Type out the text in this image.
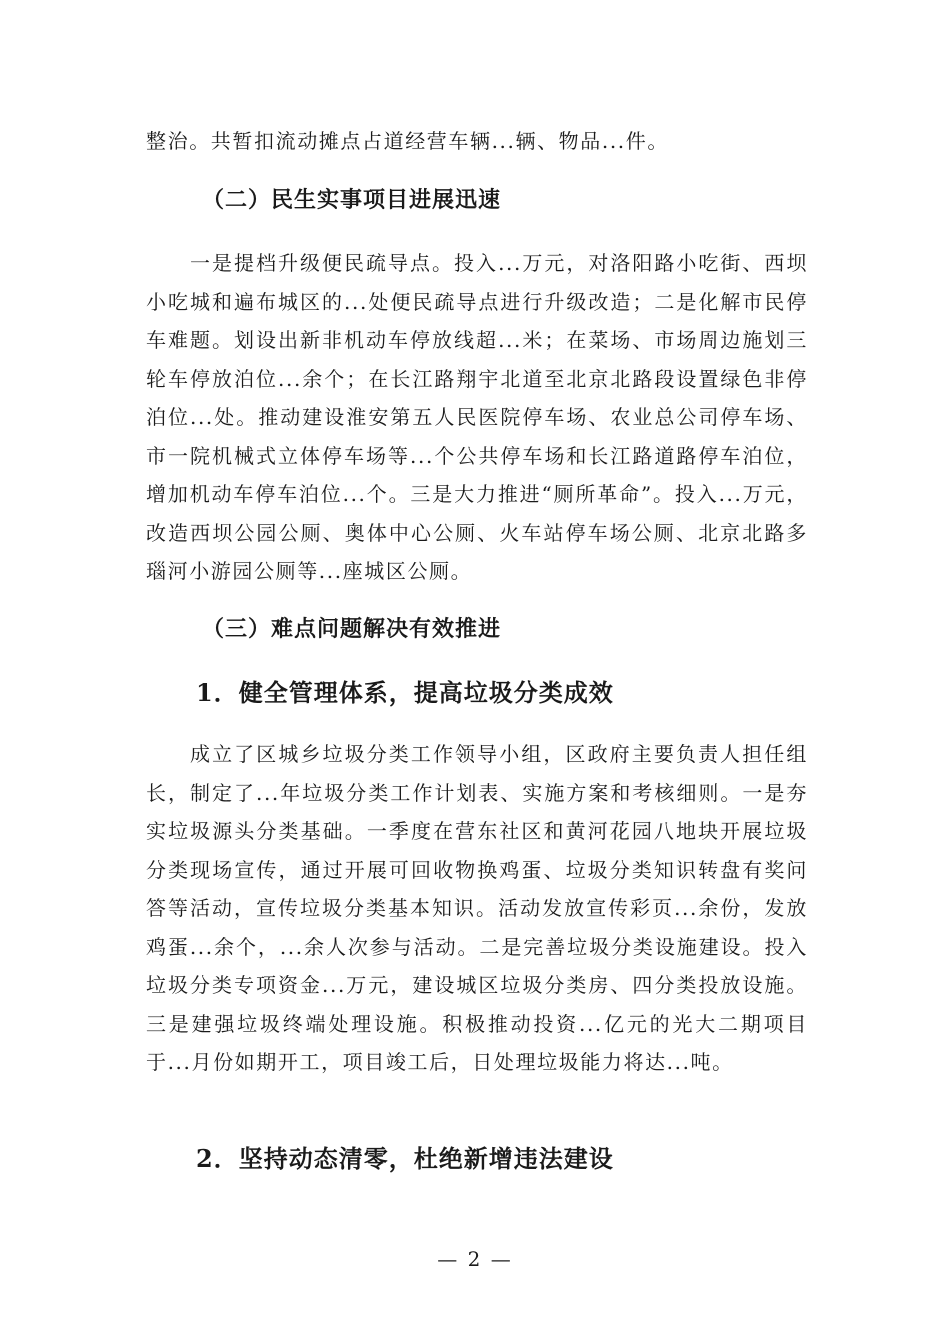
整治。共暂扣流动摊点占道经营车辆...辆、物品...件。

（二）民生实事项目进展迅速

一是提档升级便民疏导点。投入...万元，对洛阳路小吃街、西坝小吃城和遍布城区的...处便民疏导点进行升级改造；二是化解市民停车难题。划设出新非机动车停放线超...米；在菜场、市场周边施划三轮车停放泊位...余个；在长江路翔宇北道至北京北路段设置绿色非停泊位...处。推动建设淮安第五人民医院停车场、农业总公司停车场、市一院机械式立体停车场等...个公共停车场和长江路道路停车泊位，增加机动车停车泊位...个。三是大力推进“厕所革命”。投入...万元，改造西坝公园公厕、奥体中心公厕、火车站停车场公厕、北京北路多瑙河小游园公厕等...座城区公厕。

（三）难点问题解决有效推进

1．健全管理体系，提高垃圾分类成效

成立了区城乡垃圾分类工作领导小组，区政府主要负责人担任组长，制定了...年垃圾分类工作计划表、实施方案和考核细则。一是夯实垃圾源头分类基础。一季度在营东社区和黄河花园八地块开展垃圾分类现场宣传，通过开展可回收物换鸡蛋、垃圾分类知识转盘有奖问答等活动，宣传垃圾分类基本知识。活动发放宣传彩页...余份，发放鸡蛋...余个，...余人次参与活动。二是完善垃圾分类设施建设。投入垃圾分类专项资金...万元，建设城区垃圾分类房、四分类投放设施。三是建强垃圾终端处理设施。积极推动投资...亿元的光大二期项目于...月份如期开工，项目竣工后，日处理垃圾能力将达...吨。

2．坚持动态清零，杜绝新增违法建设

— 2 —
